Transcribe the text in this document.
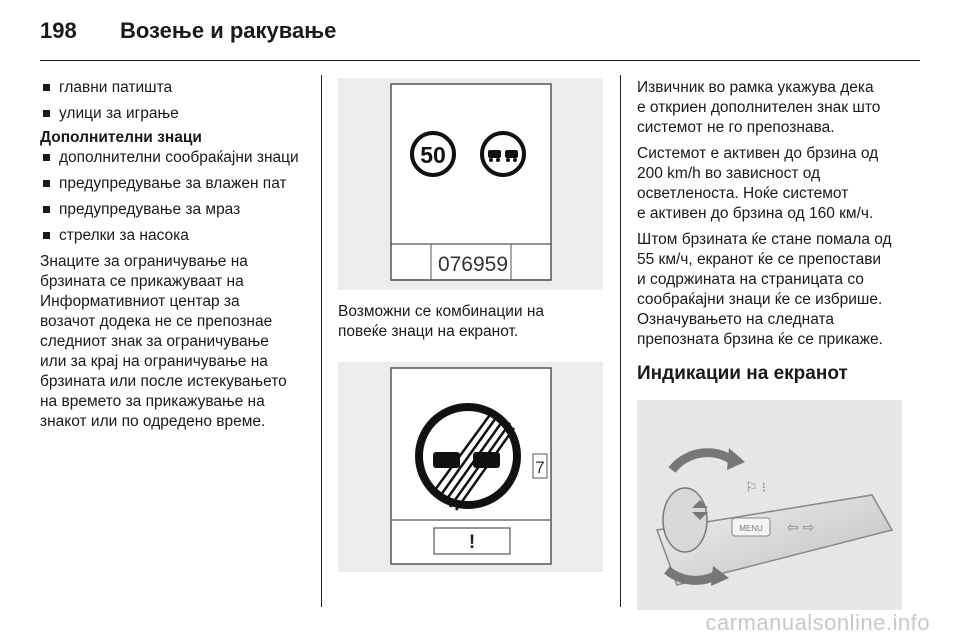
198 Возење и ракување
главни патишта
улици за играње
Дополнителни знаци
дополнителни сообраќајни знаци
предупредување за влажен пат
предупредување за мраз
стрелки за насока
Знаците за ограничување на
брзината се прикажуваат на
Информативниот центар за
возачот додека не се препознае
следниот знак за ограничување
или за крај на ограничување на
брзината или после истекувањето
на времето за прикажување на
знакот или по одредено време.
50
076959
Возможни се комбинации на
повеќе знаци на екранот.
7
!
Извичник во рамка укажува дека
е откриен дополнителен знак што
системот не го препознава.
Системот е активен до брзина од
200 km/h во зависност од
осветленоста. Ноќе системот
е активен до брзина од 160 км/ч.
Штом брзината ќе стане помала од
55 км/ч, екранот ќе се препостави
и содржината на страницата со
сообраќајни знаци ќе се избрише.
Означувањето на следната
препозната брзина ќе се прикаже.
Индикации на екранот
MENU ⇦ ⇨
⚐ ⁝
carmanualsonline.info
